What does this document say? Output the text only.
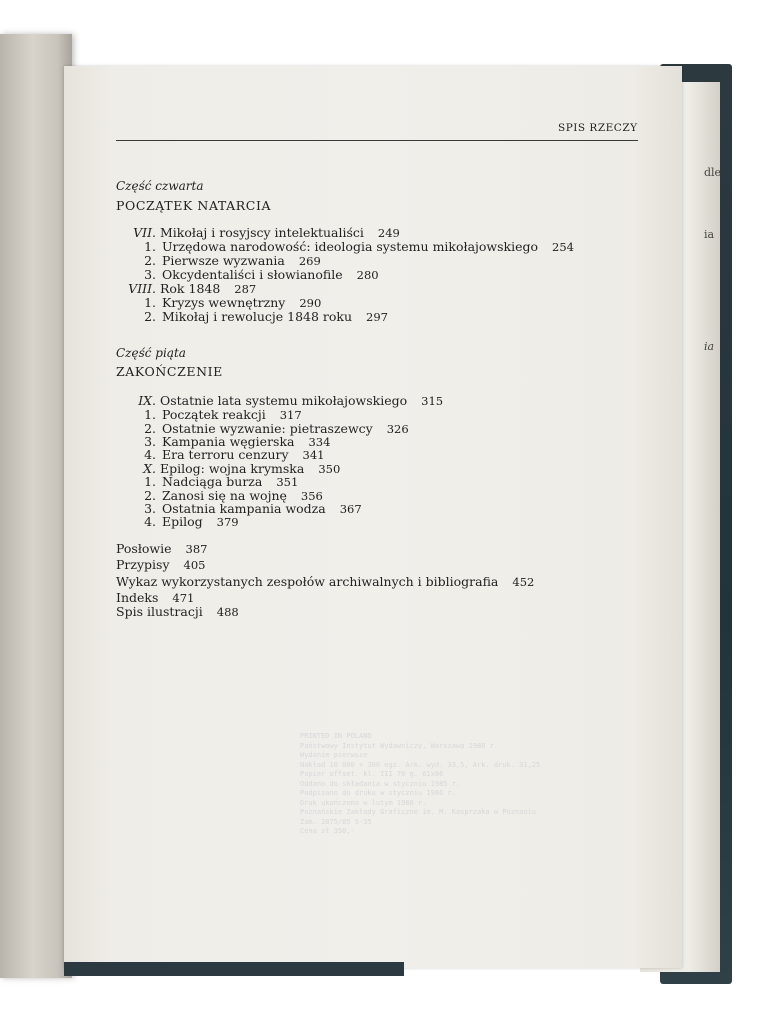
dle
ia
ia
SPIS RZECZY
Część czwarta
POCZĄTEK NATARCIA
VII. Mikołaj i rosyjscy intelektualiści 249
1. Urzędowa narodowość: ideologia systemu mikołajowskiego 254
2. Pierwsze wyzwania 269
3. Okcydentaliści i słowianofile 280
VIII. Rok 1848 287
1. Kryzys wewnętrzny 290
2. Mikołaj i rewolucje 1848 roku 297
Część piąta
ZAKOŃCZENIE
IX. Ostatnie lata systemu mikołajowskiego 315
1. Początek reakcji 317
2. Ostatnie wyzwanie: pietraszewcy 326
3. Kampania węgierska 334
4. Era terroru cenzury 341
X. Epilog: wojna krymska 350
1. Nadciąga burza 351
2. Zanosi się na wojnę 356
3. Ostatnia kampania wodza 367
4. Epilog 379
Posłowie 387
Przypisy 405
Wykaz wykorzystanych zespołów archiwalnych i bibliografia 452
Indeks 471
Spis ilustracji 488
PRINTED IN POLAND
Państwowy Instytut Wydawniczy, Warszawa 1986 r.
Wydanie pierwsze
Nakład 10 000 + 300 egz. Ark. wyd. 33,5, Ark. druk. 31,25
Papier offset. kl. III 70 g. 61x86
Oddano do składania w styczniu 1985 r.
Podpisano do druku w styczniu 1986 r.
Druk ukończono w lutym 1986 r.
Poznańskie Zakłady Graficzne im. M. Kasprzaka w Poznaniu
Zam. 2075/85 S-35
Cena zł 350,-
